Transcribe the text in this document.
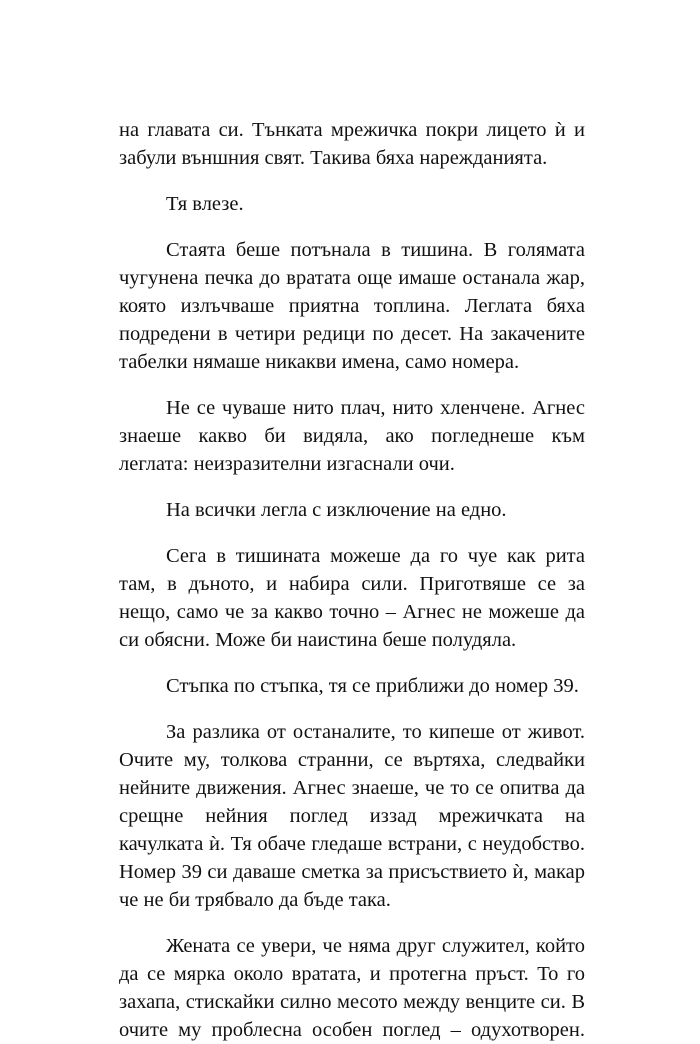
на главата си. Тънката мрежичка покри лицето ѝ и забули външния свят. Такива бяха нарежданията.

Тя влезе.

Стаята беше потънала в тишина. В голямата чугунена печка до вратата още имаше останала жар, която излъчваше приятна топлина. Леглата бяха подредени в четири редици по десет. На закачените табелки нямаше никакви имена, само номера.

Не се чуваше нито плач, нито хленчене. Агнес знаеше какво би видяла, ако погледнеше към леглата: неизразителни изгаснали очи.

На всички легла с изключение на едно.

Сега в тишината можеше да го чуе как рита там, в дъното, и набира сили. Приготвяше се за нещо, само че за какво точно – Агнес не можеше да си обясни. Може би наистина беше полудяла.

Стъпка по стъпка, тя се приближи до номер 39.

За разлика от останалите, то кипеше от живот. Очите му, толкова странни, се въртяха, следвайки нейните движения. Агнес знаеше, че то се опитва да срещне нейния поглед иззад мрежичката на качулката ѝ. Тя обаче гледаше встрани, с неудобство. Номер 39 си даваше сметка за присъствието ѝ, макар че не би трябвало да бъде така.

Жената се увери, че няма друг служител, който да се мярка около вратата, и протегна пръст. То го захапа, стискайки силно месото между венците си. В очите му проблесна особен поглед – одухотворен.
